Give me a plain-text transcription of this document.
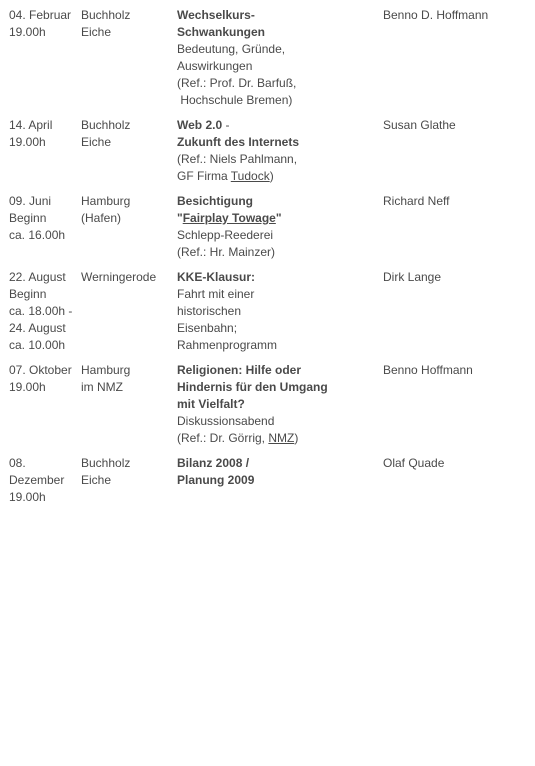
04. Februar
19.00h
Buchholz
Eiche
Wechselkurs-
Schwankungen
Bedeutung, Gründe,
Auswirkungen
(Ref.: Prof. Dr. Barfuß,
Hochschule Bremen)
Benno D. Hoffmann
14. April
19.00h
Buchholz
Eiche
Web 2.0 -
Zukunft des Internets
(Ref.: Niels Pahlmann,
GF Firma Tudock)
Susan Glathe
09. Juni
Beginn
ca. 16.00h
Hamburg
(Hafen)
Besichtigung
"Fairplay Towage"
Schlepp-Reederei
(Ref.: Hr. Mainzer)
Richard Neff
22. August
Beginn
ca. 18.00h -
24. August
ca. 10.00h
Werningerode	KKE-Klausur:
Fahrt mit einer
historischen
Eisenbahn;
Rahmenprogramm
Dirk Lange
07. Oktober
19.00h
Hamburg
im NMZ
Religionen: Hilfe oder
Hindernis für den Umgang
mit Vielfalt?
Diskussionsabend
(Ref.: Dr. Görrig, NMZ)
Benno Hoffmann
08.
Dezember
19.00h
Buchholz
Eiche
Bilanz 2008 /
Planung 2009
Olaf Quade
